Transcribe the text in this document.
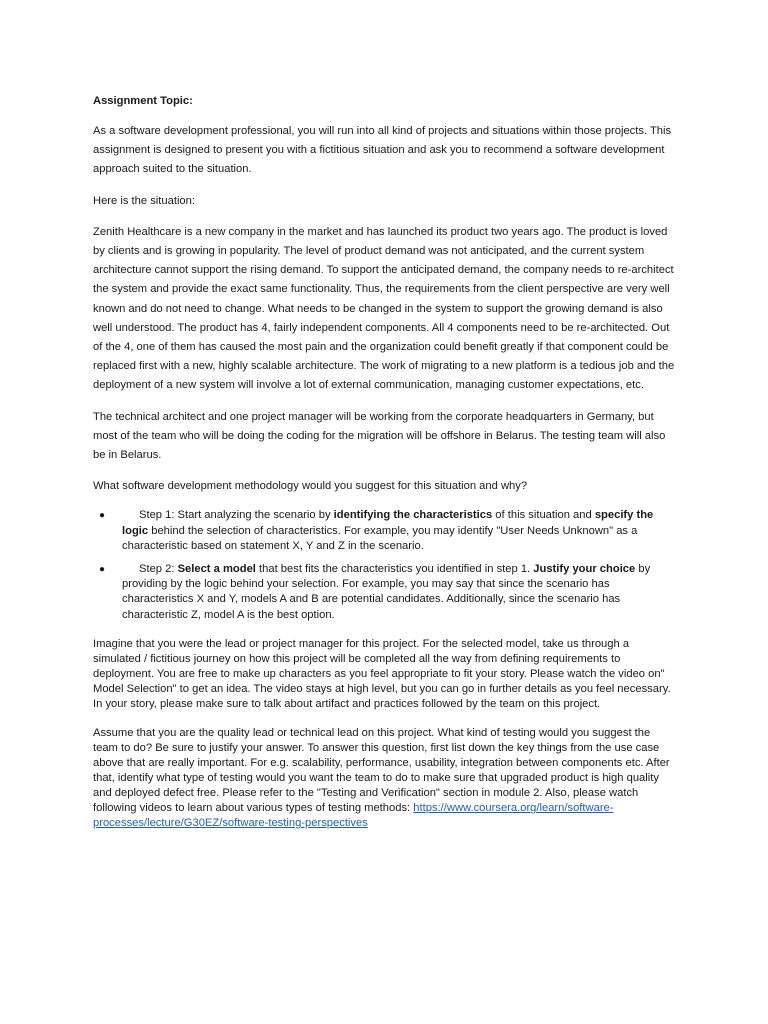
Assignment Topic:
As a software development professional, you will run into all kind of projects and situations within those projects. This assignment is designed to present you with a fictitious situation and ask you to recommend a software development approach suited to the situation.
Here is the situation:
Zenith Healthcare is a new company in the market and has launched its product two years ago. The product is loved by clients and is growing in popularity. The level of product demand was not anticipated, and the current system architecture cannot support the rising demand. To support the anticipated demand, the company needs to re-architect the system and provide the exact same functionality. Thus, the requirements from the client perspective are very well known and do not need to change. What needs to be changed in the system to support the growing demand is also well understood. The product has 4, fairly independent components. All 4 components need to be re-architected. Out of the 4, one of them has caused the most pain and the organization could benefit greatly if that component could be replaced first with a new, highly scalable architecture. The work of migrating to a new platform is a tedious job and the deployment of a new system will involve a lot of external communication, managing customer expectations, etc.
The technical architect and one project manager will be working from the corporate headquarters in Germany, but most of the team who will be doing the coding for the migration will be offshore in Belarus. The testing team will also be in Belarus.
What software development methodology would you suggest for this situation and why?
●	Step 1: Start analyzing the scenario by identifying the characteristics of this situation and specify the logic behind the selection of characteristics. For example, you may identify "User Needs Unknown" as a characteristic based on statement X, Y and Z in the scenario.
●	Step 2: Select a model that best fits the characteristics you identified in step 1. Justify your choice by providing by the logic behind your selection. For example, you may say that since the scenario has characteristics X and Y, models A and B are potential candidates. Additionally, since the scenario has characteristic Z, model A is the best option.
Imagine that you were the lead or project manager for this project. For the selected model, take us through a simulated / fictitious journey on how this project will be completed all the way from defining requirements to deployment. You are free to make up characters as you feel appropriate to fit your story. Please watch the video on" Model Selection" to get an idea. The video stays at high level, but you can go in further details as you feel necessary. In your story, please make sure to talk about artifact and practices followed by the team on this project.
Assume that you are the quality lead or technical lead on this project. What kind of testing would you suggest the team to do? Be sure to justify your answer. To answer this question, first list down the key things from the use case above that are really important. For e.g. scalability, performance, usability, integration between components etc. After that, identify what type of testing would you want the team to do to make sure that upgraded product is high quality and deployed defect free. Please refer to the "Testing and Verification" section in module 2. Also, please watch following videos to learn about various types of testing methods: https://www.coursera.org/learn/software-processes/lecture/G30EZ/software-testing-perspectives
